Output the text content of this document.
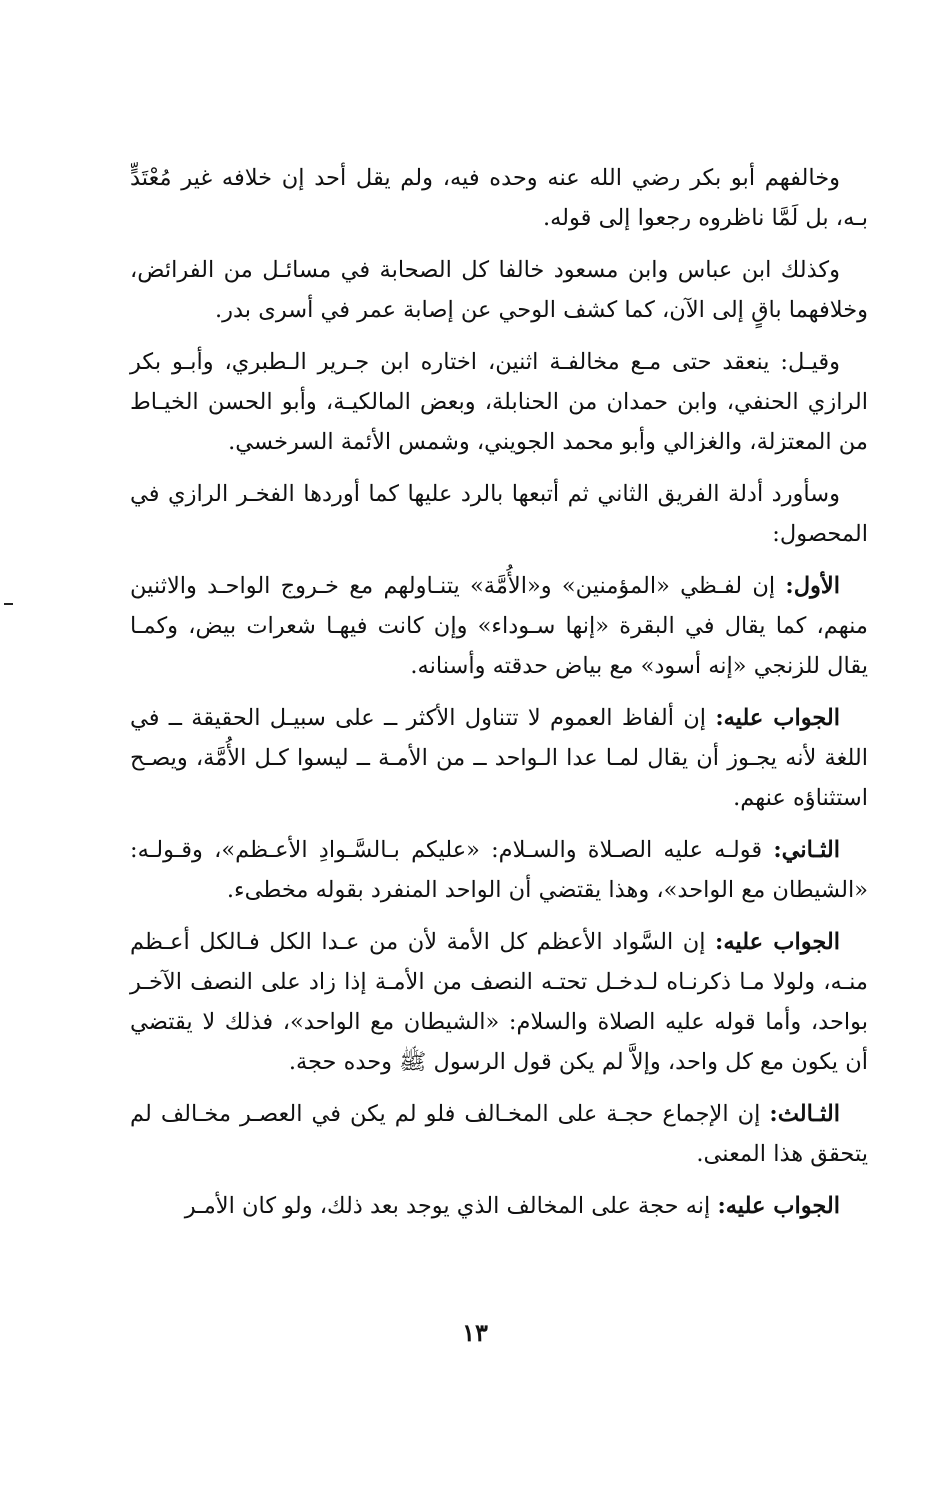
وخالفهم أبو بكر رضي الله عنه وحده فيه، ولم يقل أحد إن خلافه غير مُعْتَدٍّ بـه، بل لَمَّا ناظروه رجعوا إلى قوله.

وكذلك ابن عباس وابن مسعود خالفا كل الصحابة في مسائـل من الفرائض، وخلافهما باقٍ إلى الآن، كما كشف الوحي عن إصابة عمر في أسرى بدر.

وقيـل: ينعقد حتى مـع مخالفـة اثنين، اختاره ابن جـرير الـطبري، وأبـو بكر الرازي الحنفي، وابن حمدان من الحنابلة، وبعض المالكيـة، وأبو الحسن الخيـاط من المعتزلة، والغزالي وأبو محمد الجويني، وشمس الأئمة السرخسي.

وسأورد أدلة الفريق الثاني ثم أتبعها بالرد عليها كما أوردها الفخـر الرازي في المحصول:

الأول: إن لفـظي «المؤمنين» و«الأُمَّة» يتنـاولهم مع خـروج الواحـد والاثنين منهم، كما يقال في البقرة «إنها سـوداء» وإن كانت فيهـا شعرات بيض، وكمـا يقال للزنجي «إنه أسود» مع بياض حدقته وأسنانه.

الجواب عليه: إن ألفاظ العموم لا تتناول الأكثر ــ على سبيـل الحقيقة ــ في اللغة لأنه يجـوز أن يقال لمـا عدا الـواحد ــ من الأمـة ــ ليسوا كـل الأُمَّة، ويصـح استثناؤه عنهم.

الثـاني: قولـه عليه الصـلاة والسـلام: «عليكم بـالسَّـوادِ الأعـظم»، وقـولـه: «الشيطان مع الواحد»، وهذا يقتضي أن الواحد المنفرد بقوله مخطىء.

الجواب عليه: إن السَّواد الأعظم كل الأمة لأن من عـدا الكل فـالكل أعـظم منـه، ولولا مـا ذكرنـاه لـدخـل تحتـه النصف من الأمـة إذا زاد على النصف الآخـر بواحد، وأما قوله عليه الصلاة والسلام: «الشيطان مع الواحد»، فذلك لا يقتضي أن يكون مع كل واحد، وإلاَّ لم يكن قول الرسول ﷺ وحده حجة.

الثـالث: إن الإجماع حجـة على المخـالف فلو لم يكن في العصـر مخـالف لم يتحقق هذا المعنى.

الجواب عليه: إنه حجة على المخالف الذي يوجد بعد ذلك، ولو كان الأمـر

١٣
